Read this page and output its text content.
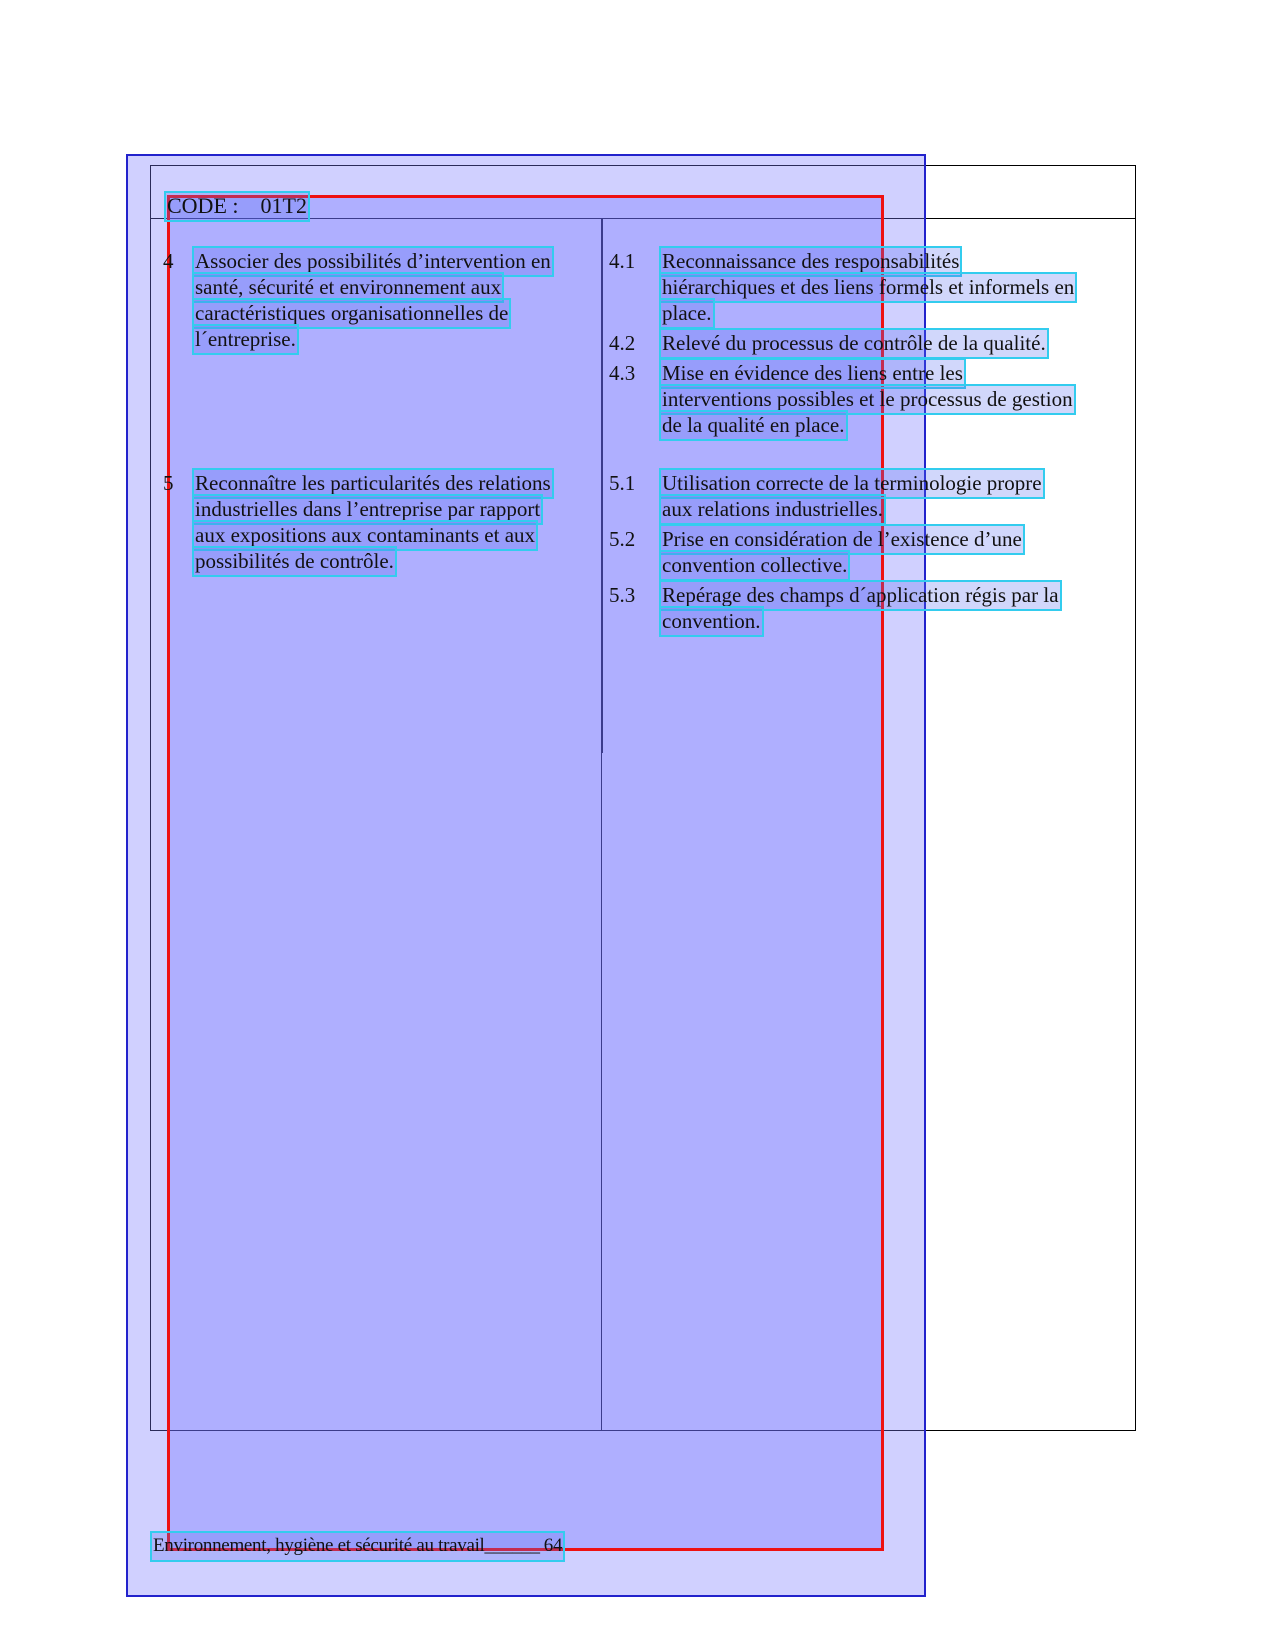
CODE : 01T2
4 Associer des possibilités d’intervention en
santé, sécurité et environnement aux
caractéristiques organisationnelles de
l´entreprise.
5 Reconnaître les particularités des relations
industrielles dans l’entreprise par rapport
aux expositions aux contaminants et aux
possibilités de contrôle.
4.1 Reconnaissance des responsabilités
hiérarchiques et des liens formels et informels en
place.
4.2 Relevé du processus de contrôle de la qualité.
4.3 Mise en évidence des liens entre les
interventions possibles et le processus de gestion
de la qualité en place.
5.1 Utilisation correcte de la terminologie propre
aux relations industrielles.
5.2 Prise en considération de l’existence d’une
convention collective.
5.3 Repérage des champs d´application régis par la
convention.
Environnement, hygiène et sécurité au travail______ 64
